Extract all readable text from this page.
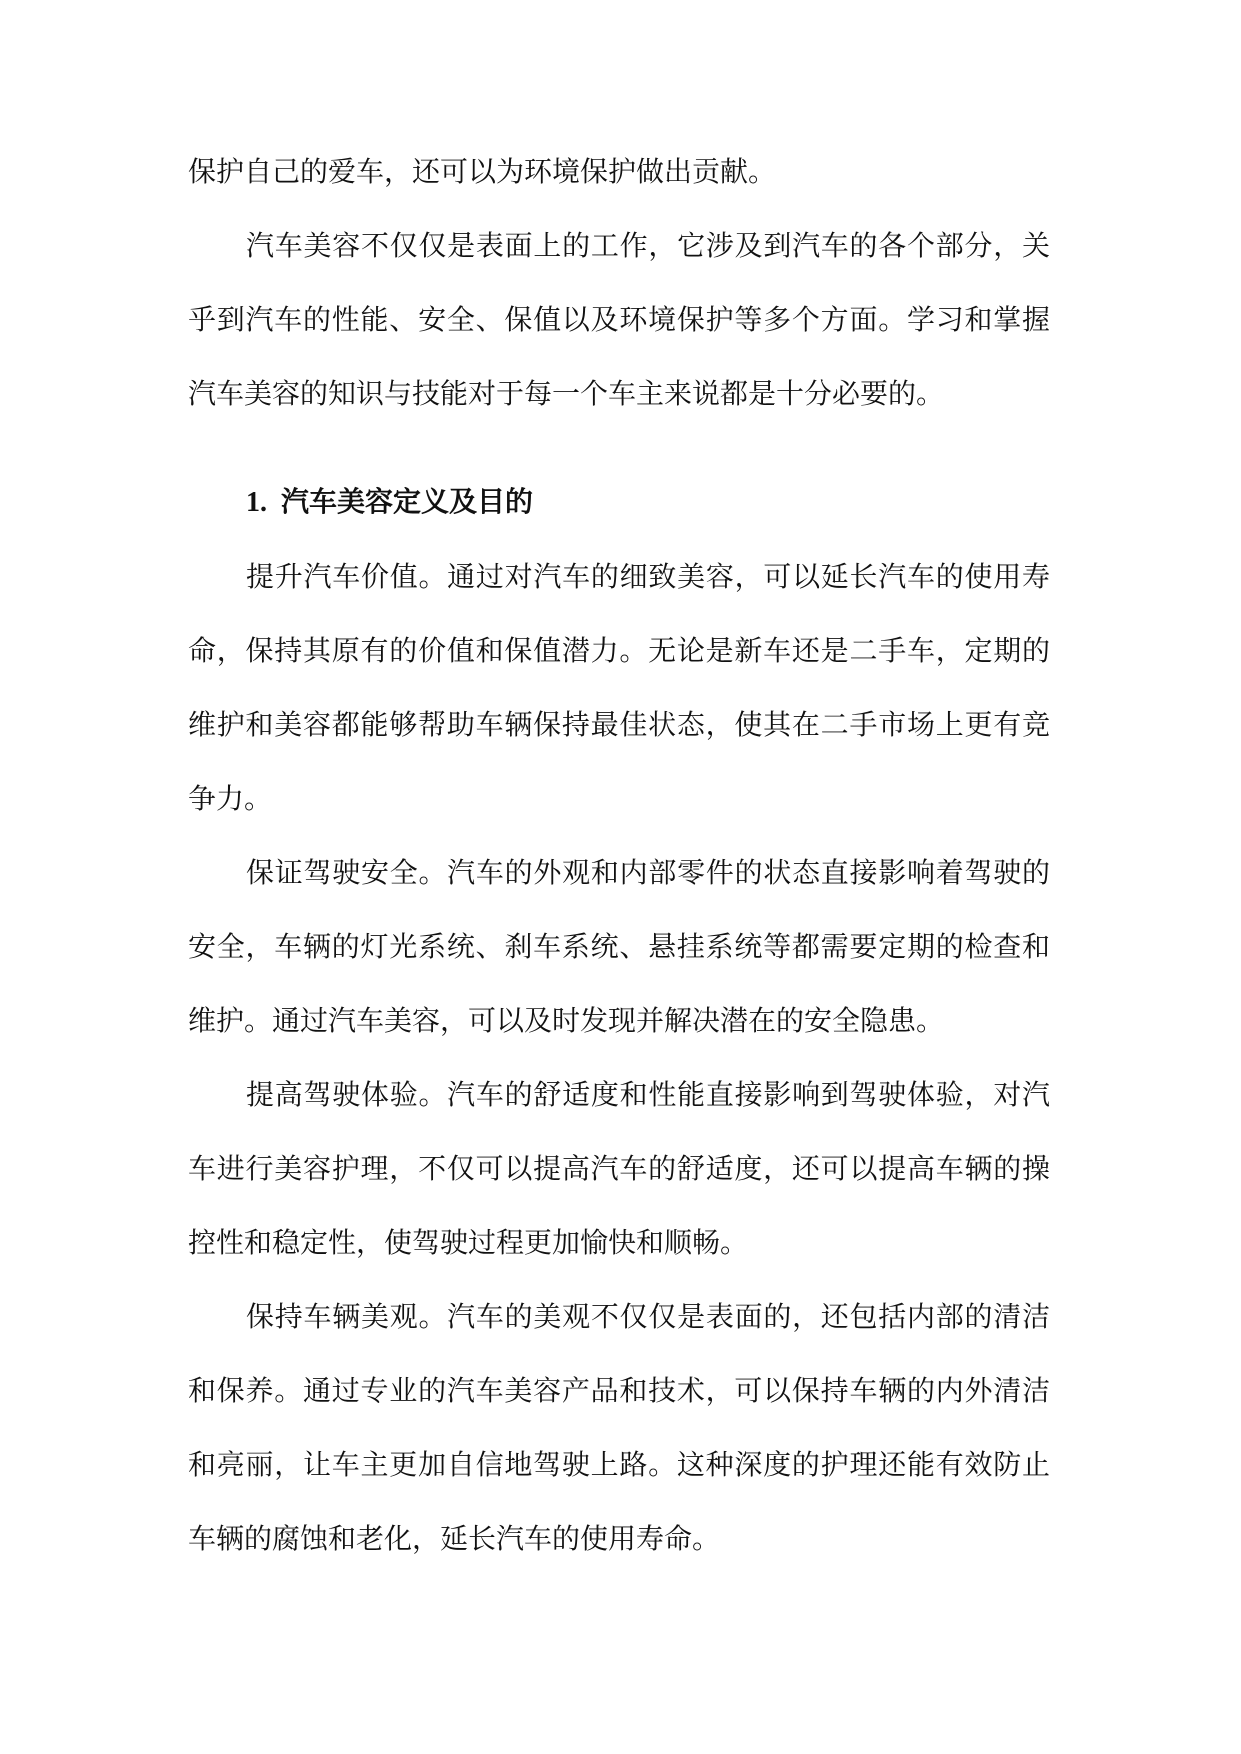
保护自己的爱车，还可以为环境保护做出贡献。

汽车美容不仅仅是表面上的工作，它涉及到汽车的各个部分，关乎到汽车的性能、安全、保值以及环境保护等多个方面。学习和掌握汽车美容的知识与技能对于每一个车主来说都是十分必要的。

1. 汽车美容定义及目的

提升汽车价值。通过对汽车的细致美容，可以延长汽车的使用寿命，保持其原有的价值和保值潜力。无论是新车还是二手车，定期的维护和美容都能够帮助车辆保持最佳状态，使其在二手市场上更有竞争力。

保证驾驶安全。汽车的外观和内部零件的状态直接影响着驾驶的安全，车辆的灯光系统、刹车系统、悬挂系统等都需要定期的检查和维护。通过汽车美容，可以及时发现并解决潜在的安全隐患。

提高驾驶体验。汽车的舒适度和性能直接影响到驾驶体验，对汽车进行美容护理，不仅可以提高汽车的舒适度，还可以提高车辆的操控性和稳定性，使驾驶过程更加愉快和顺畅。

保持车辆美观。汽车的美观不仅仅是表面的，还包括内部的清洁和保养。通过专业的汽车美容产品和技术，可以保持车辆的内外清洁和亮丽，让车主更加自信地驾驶上路。这种深度的护理还能有效防止车辆的腐蚀和老化，延长汽车的使用寿命。
